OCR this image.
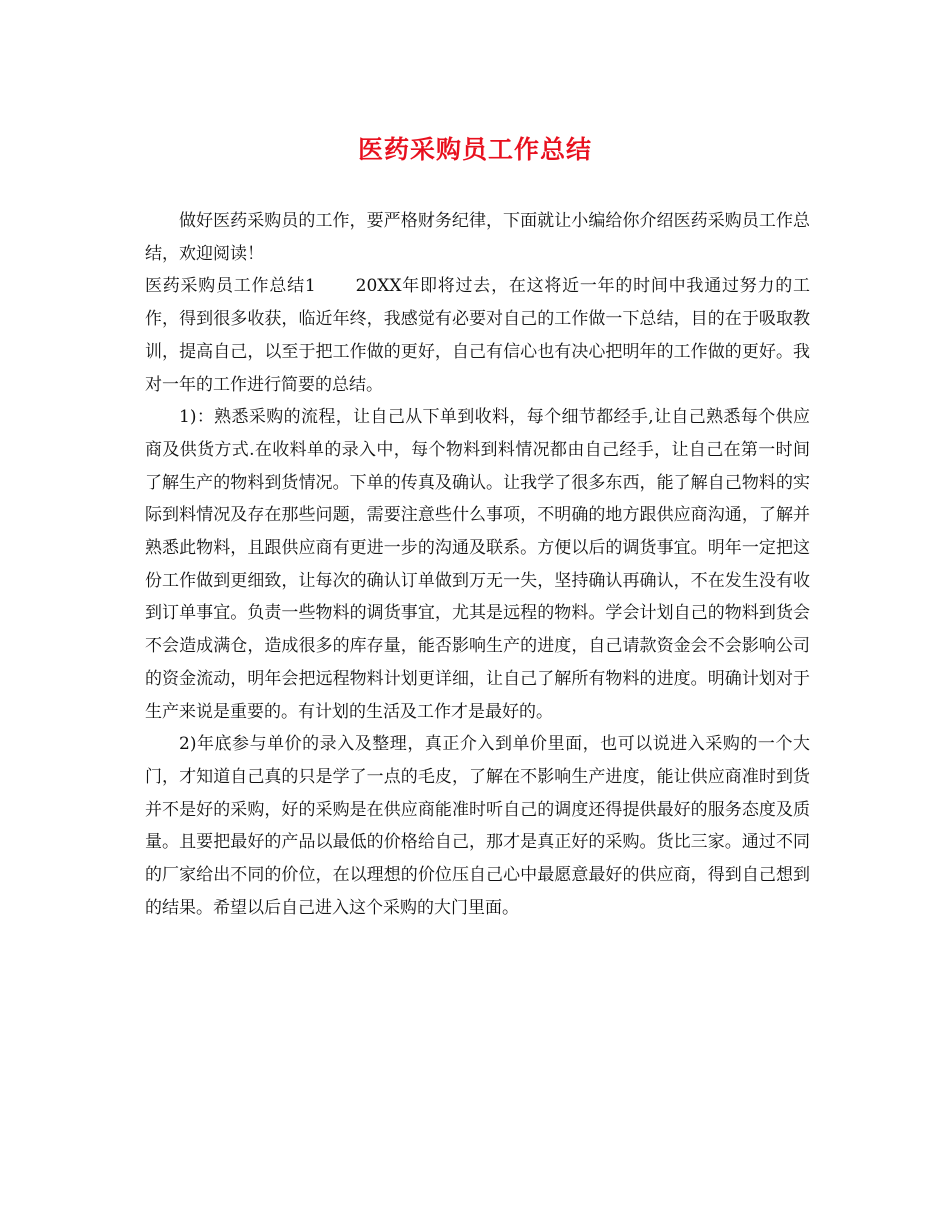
医药采购员工作总结

做好医药采购员的工作，要严格财务纪律，下面就让小编给你介绍医药采购员工作总结，欢迎阅读！

医药采购员工作总结1 20XX年即将过去，在这将近一年的时间中我通过努力的工作，得到很多收获，临近年终，我感觉有必要对自己的工作做一下总结，目的在于吸取教训，提高自己，以至于把工作做的更好，自己有信心也有决心把明年的工作做的更好。我对一年的工作进行简要的总结。

1)：熟悉采购的流程，让自己从下单到收料，每个细节都经手,让自己熟悉每个供应商及供货方式.在收料单的录入中，每个物料到料情况都由自己经手，让自己在第一时间了解生产的物料到货情况。下单的传真及确认。让我学了很多东西，能了解自己物料的实际到料情况及存在那些问题，需要注意些什么事项，不明确的地方跟供应商沟通，了解并熟悉此物料，且跟供应商有更进一步的沟通及联系。方便以后的调货事宜。明年一定把这份工作做到更细致，让每次的确认订单做到万无一失，坚持确认再确认，不在发生没有收到订单事宜。负责一些物料的调货事宜，尤其是远程的物料。学会计划自己的物料到货会不会造成满仓，造成很多的库存量，能否影响生产的进度，自己请款资金会不会影响公司的资金流动，明年会把远程物料计划更详细，让自己了解所有物料的进度。明确计划对于生产来说是重要的。有计划的生活及工作才是最好的。

2)年底参与单价的录入及整理，真正介入到单价里面，也可以说进入采购的一个大门，才知道自己真的只是学了一点的毛皮，了解在不影响生产进度，能让供应商准时到货并不是好的采购，好的采购是在供应商能准时听自己的调度还得提供最好的服务态度及质量。且要把最好的产品以最低的价格给自己，那才是真正好的采购。货比三家。通过不同的厂家给出不同的价位，在以理想的价位压自己心中最愿意最好的供应商，得到自己想到的结果。希望以后自己进入这个采购的大门里面。
